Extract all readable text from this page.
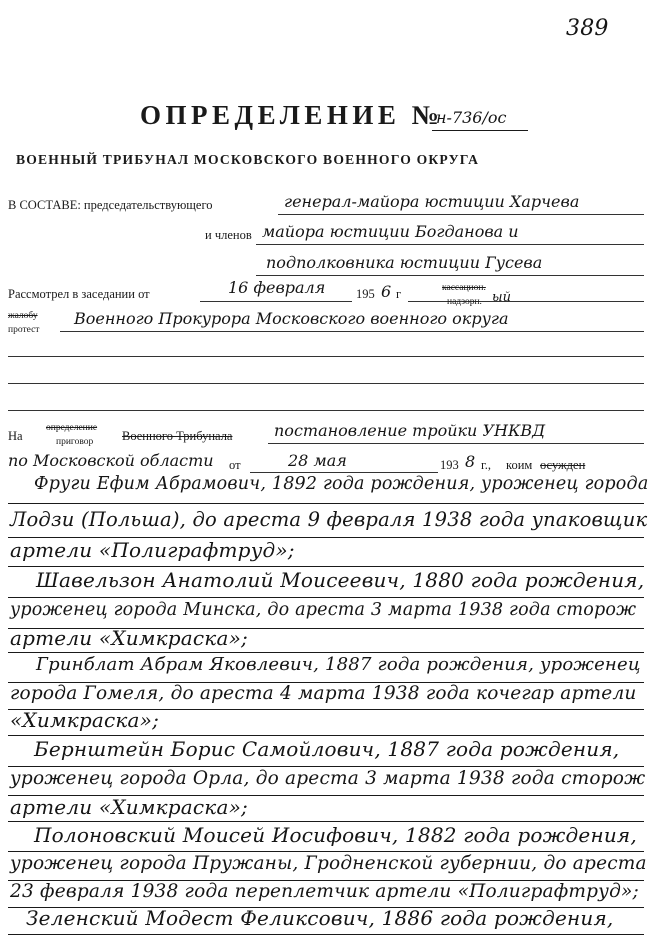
389
ОПРЕДЕЛЕНИЕ №
н-736/ос
ВОЕННЫЙ ТРИБУНАЛ МОСКОВСКОГО ВОЕННОГО ОКРУГА
В СОСТАВЕ: председательствующего	генерал-майора юстиции Харчева
и членов майора юстиции Богданова и
подполковника юстиции Гусева
Рассмотрел в заседании от	16 февраля 195 6 г	кассацион.
надзорн. ый
жалобу
протест
Военного Прокурора Московского военного округа
На
определение
приговор Военного Трибунала	постановление тройки УНКВД
по Московской области от	28 мая	193 8 г., коим осужден
Фруги Ефим Абрамович, 1892 года рождения, уроженец города
Лодзи (Польша), до ареста 9 февраля 1938 года упаковщик
артели «Полиграфтруд»;
Шавельзон Анатолий Моисеевич, 1880 года рождения,
уроженец города Минска, до ареста 3 марта 1938 года сторож
артели «Химкраска»;
Гринблат Абрам Яковлевич, 1887 года рождения, уроженец
города Гомеля, до ареста 4 марта 1938 года кочегар артели
«Химкраска»;
Бернштейн Борис Самойлович, 1887 года рождения,
уроженец города Орла, до ареста 3 марта 1938 года сторож
артели «Химкраска»;
Полоновский Моисей Иосифович, 1882 года рождения,
уроженец города Пружаны, Гродненской губернии, до ареста
23 февраля 1938 года переплетчик артели «Полиграфтруд»;
Зеленский Модест Феликсович, 1886 года рождения,
